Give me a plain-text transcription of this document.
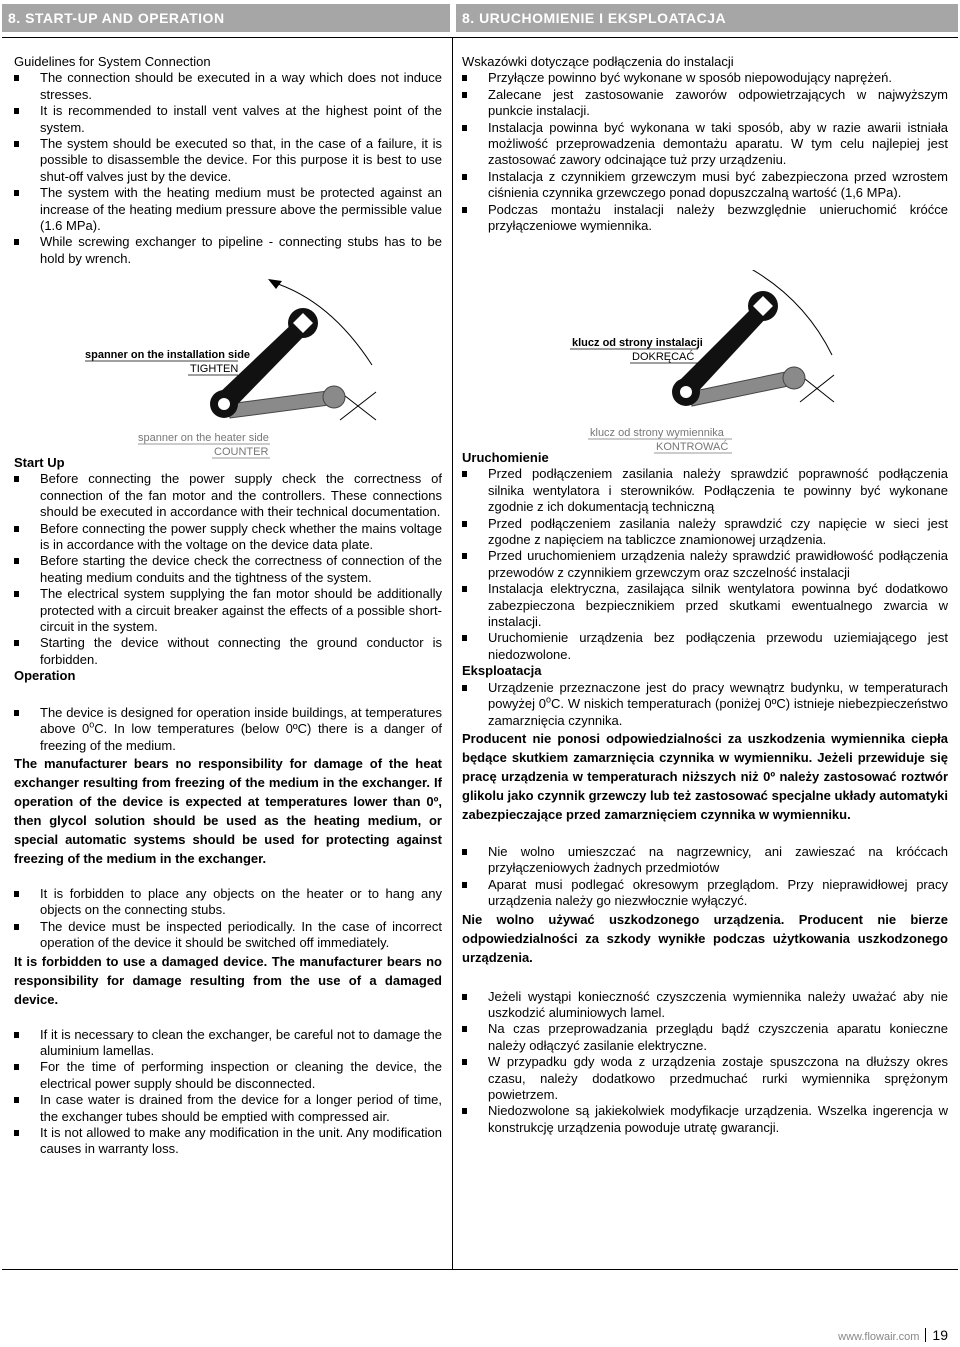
8. START-UP AND OPERATION	8. URUCHOMIENIE I EKSPLOATACJA
Guidelines for System Connection
The connection should be executed in a way which does not induce stresses.
It is recommended to install vent valves at the highest point of the system.
The system should be executed so that, in the case of a failure, it is possible to disassemble the device. For this purpose it is best to use shut-off valves just by the device.
The system with the heating medium must be protected against an increase of the heating medium pressure above the permissible value (1.6 MPa).
While screwing exchanger to pipeline - connecting stubs has to be hold by wrench.
Wskazówki dotyczące podłączenia do instalacji
Przyłącze powinno być wykonane w sposób niepowodujący naprężeń.
Zalecane jest zastosowanie zaworów odpowietrzających w najwyższym punkcie instalacji.
Instalacja powinna być wykonana w taki sposób, aby w razie awarii istniała możliwość przeprowadzenia demontażu aparatu. W tym celu najlepiej jest zastosować zawory odcinające tuż przy urządzeniu.
Instalacja z czynnikiem grzewczym musi być zabezpieczona przed wzrostem ciśnienia czynnika grzewczego ponad dopuszczalną wartość (1,6 MPa).
Podczas montażu instalacji należy bezwzględnie unieruchomić króćce przyłączeniowe wymiennika.
spanner on the installation side
TIGHTEN
spanner on the heater side
COUNTER
klucz od strony instalacji
DOKRĘCAĆ
klucz od strony wymiennika
KONTROWAĆ
Start Up
Before connecting the power supply check the correctness of connection of the fan motor and the controllers. These connections should be executed in accordance with their technical documentation.
Before connecting the power supply check whether the mains voltage is in accordance with the voltage on the device data plate.
Before starting the device check the correctness of connection of the heating medium conduits and the tightness of the system.
The electrical system supplying the fan motor should be additionally protected with a circuit breaker against the effects of a possible short-circuit in the system.
Starting the device without connecting the ground conductor is forbidden.
Operation
The device is designed for operation inside buildings, at temperatures above 0$^o$C. In low temperatures (below 0ºC) there is a danger of freezing of the medium.
The manufacturer bears no responsibility for damage of the heat exchanger resulting from freezing of the medium in the exchanger. If operation of the device is expected at temperatures lower than 0º, then glycol solution should be used as the heating medium, or special automatic systems should be used for protecting against freezing of the medium in the exchanger.
It is forbidden to place any objects on the heater or to hang any objects on the connecting stubs.
The device must be inspected periodically. In the case of incorrect operation of the device it should be switched off immediately.
It is forbidden to use a damaged device. The manufacturer bears no responsibility for damage resulting from the use of a damaged device.
If it is necessary to clean the exchanger, be careful not to damage the aluminium lamellas.
For the time of performing inspection or cleaning the device, the electrical power supply should be disconnected.
In case water is drained from the device for a longer period of time, the exchanger tubes should be emptied with compressed air.
It is not allowed to make any modification in the unit. Any modification causes in warranty loss.
Uruchomienie
Przed podłączeniem zasilania należy sprawdzić poprawność podłączenia silnika wentylatora i sterowników. Podłączenia te powinny być wykonane zgodnie z ich dokumentacją techniczną
Przed podłączeniem zasilania należy sprawdzić czy napięcie w sieci jest zgodne z napięciem na tabliczce znamionowej urządzenia.
Przed uruchomieniem urządzenia należy sprawdzić prawidłowość podłączenia przewodów z czynnikiem grzewczym oraz szczelność instalacji
Instalacja elektryczna, zasilająca silnik wentylatora powinna być dodatkowo zabezpieczona bezpiecznikiem przed skutkami ewentualnego zwarcia w instalacji.
Uruchomienie urządzenia bez podłączenia przewodu uziemiającego jest niedozwolone.
Eksploatacja
Urządzenie przeznaczone jest do pracy wewnątrz budynku, w temperaturach powyżej 0$^o$C. W niskich temperaturach (poniżej 0ºC) istnieje niebezpieczeństwo zamarznięcia czynnika.
Producent nie ponosi odpowiedzialności za uszkodzenia wymiennika ciepła będące skutkiem zamarznięcia czynnika w wymienniku. Jeżeli przewiduje się pracę urządzenia w temperaturach niższych niż 0º należy zastosować roztwór glikolu jako czynnik grzewczy lub też zastosować specjalne układy automatyki zabezpieczające przed zamarznięciem czynnika w wymienniku.
Nie wolno umieszczać na nagrzewnicy, ani zawieszać na króćcach przyłączeniowych żadnych przedmiotów
Aparat musi podlegać okresowym przeglądom. Przy nieprawidłowej pracy urządzenia należy go niezwłocznie wyłączyć.
Nie wolno używać uszkodzonego urządzenia. Producent nie bierze odpowiedzialności za szkody wynikłe podczas użytkowania uszkodzonego urządzenia.
Jeżeli wystąpi konieczność czyszczenia wymiennika należy uważać aby nie uszkodzić aluminiowych lamel.
Na czas przeprowadzania przeglądu bądź czyszczenia aparatu konieczne należy odłączyć zasilanie elektryczne.
W przypadku gdy woda z urządzenia zostaje spuszczona na dłuższy okres czasu, należy dodatkowo przedmuchać rurki wymiennika sprężonym powietrzem.
Niedozwolone są jakiekolwiek modyfikacje urządzenia. Wszelka ingerencja w konstrukcję urządzenia powoduje utratę gwarancji.
www.flowair.com 19
